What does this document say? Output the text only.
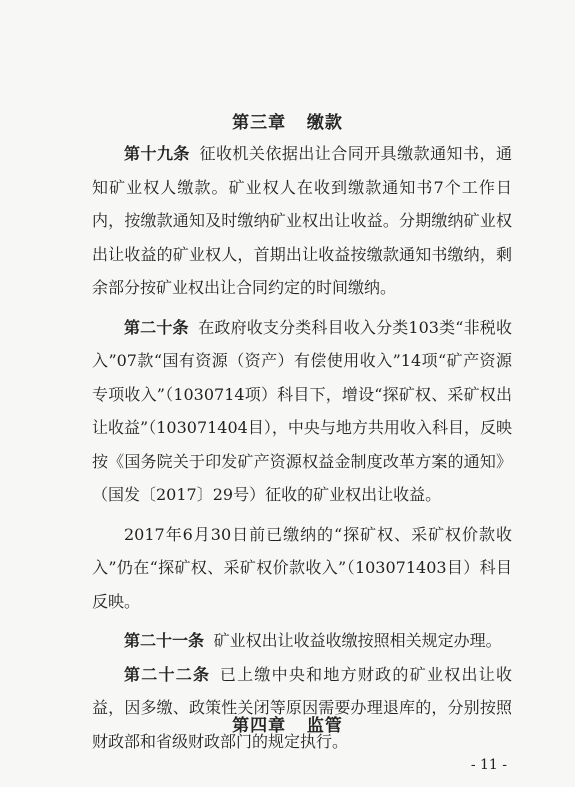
第三章   缴款

第十九条 征收机关依据出让合同开具缴款通知书，通知矿业权人缴款。矿业权人在收到缴款通知书7个工作日内，按缴款通知及时缴纳矿业权出让收益。分期缴纳矿业权出让收益的矿业权人，首期出让收益按缴款通知书缴纳，剩余部分按矿业权出让合同约定的时间缴纳。

第二十条 在政府收支分类科目收入分类103类“非税收入”07款“国有资源（资产）有偿使用收入”14项“矿产资源专项收入”（1030714项）科目下，增设“探矿权、采矿权出让收益”（103071404目），中央与地方共用收入科目，反映按《国务院关于印发矿产资源权益金制度改革方案的通知》（国发〔2017〕29号）征收的矿业权出让收益。

2017年6月30日前已缴纳的“探矿权、采矿权价款收入”仍在“探矿权、采矿权价款收入”（103071403目）科目反映。

第二十一条 矿业权出让收益收缴按照相关规定办理。

第二十二条 已上缴中央和地方财政的矿业权出让收益，因多缴、政策性关闭等原因需要办理退库的，分别按照财政部和省级财政部门的规定执行。

第四章   监管
- 11 -
